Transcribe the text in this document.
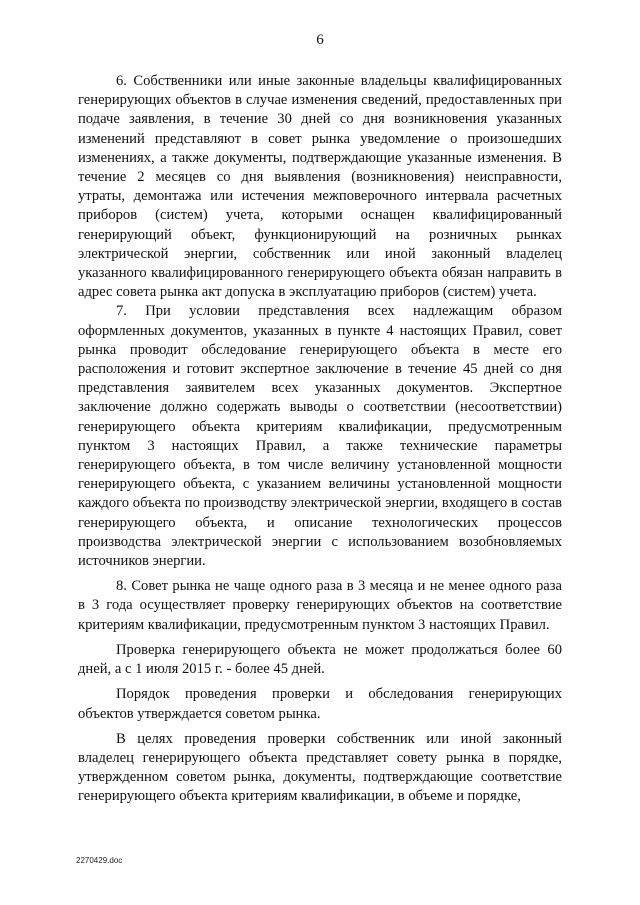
6

6. Собственники или иные законные владельцы квалифицированных генерирующих объектов в случае изменения сведений, предоставленных при подаче заявления, в течение 30 дней со дня возникновения указанных изменений представляют в совет рынка уведомление о произошедших изменениях, а также документы, подтверждающие указанные изменения. В течение 2 месяцев со дня выявления (возникновения) неисправности, утраты, демонтажа или истечения межповерочного интервала расчетных приборов (систем) учета, которыми оснащен квалифицированный генерирующий объект, функционирующий на розничных рынках электрической энергии, собственник или иной законный владелец указанного квалифицированного генерирующего объекта обязан направить в адрес совета рынка акт допуска в эксплуатацию приборов (систем) учета.

7. При условии представления всех надлежащим образом оформленных документов, указанных в пункте 4 настоящих Правил, совет рынка проводит обследование генерирующего объекта в месте его расположения и готовит экспертное заключение в течение 45 дней со дня представления заявителем всех указанных документов. Экспертное заключение должно содержать выводы о соответствии (несоответствии) генерирующего объекта критериям квалификации, предусмотренным пунктом 3 настоящих Правил, а также технические параметры генерирующего объекта, в том числе величину установленной мощности генерирующего объекта, с указанием величины установленной мощности каждого объекта по производству электрической энергии, входящего в состав генерирующего объекта, и описание технологических процессов производства электрической энергии с использованием возобновляемых источников энергии.

8. Совет рынка не чаще одного раза в 3 месяца и не менее одного раза в 3 года осуществляет проверку генерирующих объектов на соответствие критериям квалификации, предусмотренным пунктом 3 настоящих Правил.

Проверка генерирующего объекта не может продолжаться более 60 дней, а с 1 июля 2015 г. - более 45 дней.

Порядок проведения проверки и обследования генерирующих объектов утверждается советом рынка.

В целях проведения проверки собственник или иной законный владелец генерирующего объекта представляет совету рынка в порядке, утвержденном советом рынка, документы, подтверждающие соответствие генерирующего объекта критериям квалификации, в объеме и порядке,

2270429.doc
